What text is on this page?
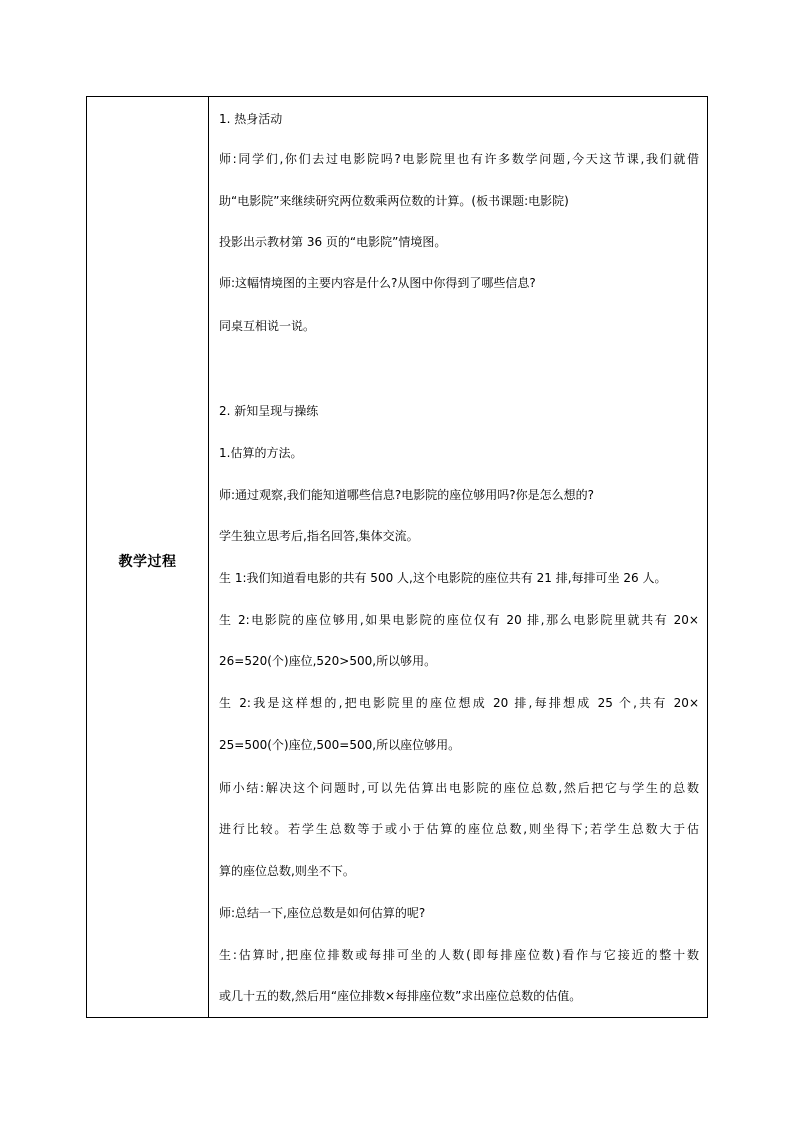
教学过程	
1. 热身活动
师:同学们,你们去过电影院吗?电影院里也有许多数学问题,今天这节课,我们就借
助“电影院”来继续研究两位数乘两位数的计算。(板书课题:电影院)
投影出示教材第 36 页的“电影院”情境图。
师:这幅情境图的主要内容是什么?从图中你得到了哪些信息?
同桌互相说一说。
2. 新知呈现与操练
1.估算的方法。
师:通过观察,我们能知道哪些信息?电影院的座位够用吗?你是怎么想的?
学生独立思考后,指名回答,集体交流。
生 1:我们知道看电影的共有 500 人,这个电影院的座位共有 21 排,每排可坐 26 人。
生 2:电影院的座位够用,如果电影院的座位仅有 20 排,那么电影院里就共有 20×
26=520(个)座位,520>500,所以够用。
生 2:我是这样想的,把电影院里的座位想成 20 排,每排想成 25 个,共有 20×
25=500(个)座位,500=500,所以座位够用。
师小结:解决这个问题时,可以先估算出电影院的座位总数,然后把它与学生的总数
进行比较。若学生总数等于或小于估算的座位总数,则坐得下;若学生总数大于估
算的座位总数,则坐不下。
师:总结一下,座位总数是如何估算的呢?
生:估算时,把座位排数或每排可坐的人数(即每排座位数)看作与它接近的整十数
或几十五的数,然后用“座位排数×每排座位数”求出座位总数的估值。
